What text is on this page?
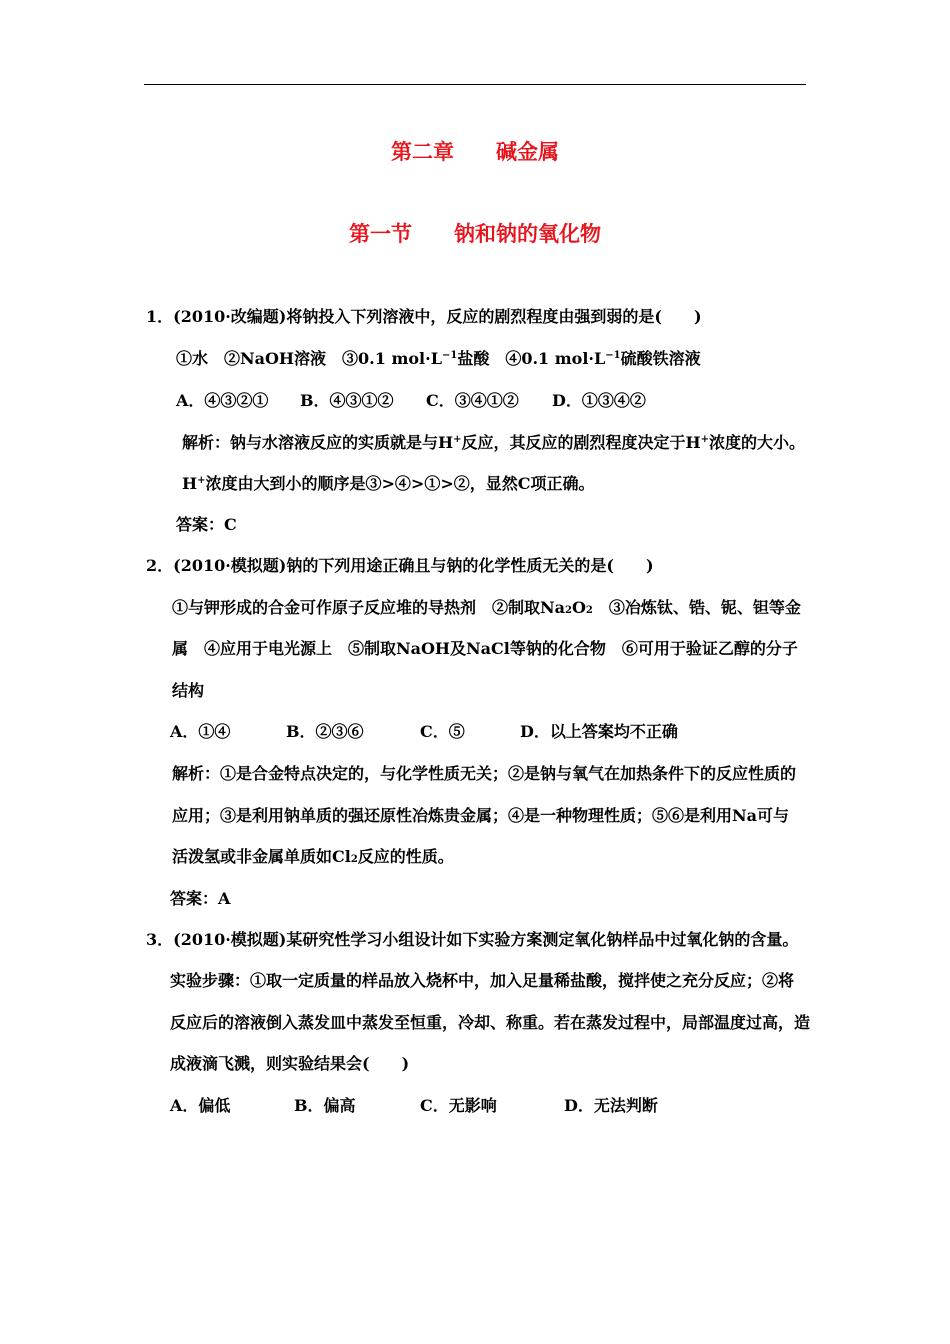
第二章　　碱金属
第一节　　钠和钠的氧化物
1．(2010·改编题)将钠投入下列溶液中，反应的剧烈程度由强到弱的是(　　)
①水　②NaOH溶液　③0.1 $mol\cdot L^{-1}$盐酸　④0.1 $mol\cdot L^{-1}$硫酸铁溶液
A．④③②① B．④③①② C．③④①② D．①③④②
解析：钠与水溶液反应的实质就是与H+反应，其反应的剧烈程度决定于H+浓度的大小。
H+浓度由大到小的顺序是③>④>①>②，显然C项正确。
答案：C
2．(2010·模拟题)钠的下列用途正确且与钠的化学性质无关的是(　　)
①与钾形成的合金可作原子反应堆的导热剂　②制取$Na_2O_2$　③冶炼钛、锆、铌、钽等金
属　④应用于电光源上　⑤制取NaOH及NaCl等钠的化合物　⑥可用于验证乙醇的分子
结构
A．①④	B．②③⑥	C．⑤	D．以上答案均不正确
解析：①是合金特点决定的，与化学性质无关；②是钠与氧气在加热条件下的反应性质的
应用；③是利用钠单质的强还原性冶炼贵金属；④是一种物理性质；⑤⑥是利用Na可与
活泼氢或非金属单质如$Cl_2$反应的性质。
答案：A
3．(2010·模拟题)某研究性学习小组设计如下实验方案测定氧化钠样品中过氧化钠的含量。
实验步骤：①取一定质量的样品放入烧杯中，加入足量稀盐酸，搅拌使之充分反应；②将
反应后的溶液倒入蒸发皿中蒸发至恒重，冷却、称重。若在蒸发过程中，局部温度过高，造
成液滴飞溅，则实验结果会(　　)
A．偏低	B．偏高	C．无影响	D．无法判断
